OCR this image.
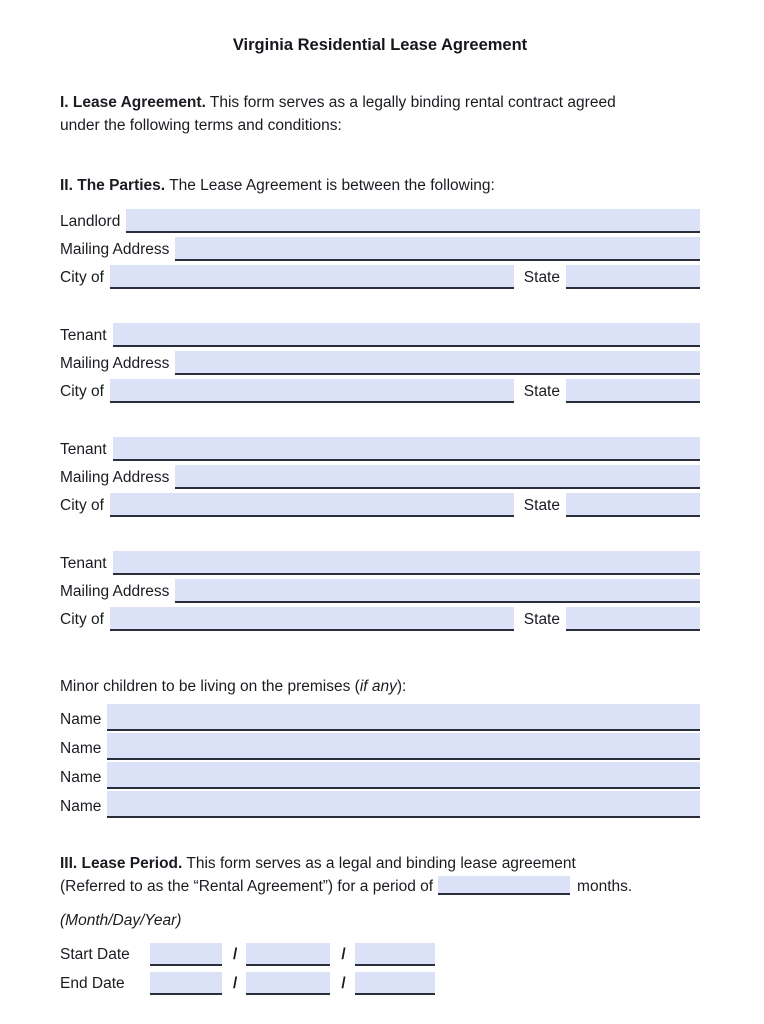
Virginia Residential Lease Agreement

I. Lease Agreement. This form serves as a legally binding rental contract agreed
under the following terms and conditions:

II. The Parties. The Lease Agreement is between the following:

Landlord
Mailing Address
City of	State
Tenant
Mailing Address
City of	State
Tenant
Mailing Address
City of	State
Tenant
Mailing Address
City of	State

Minor children to be living on the premises (if any):

Name
Name
Name
Name

III. Lease Period. This form serves as a legal and binding lease agreement
(Referred to as the “Rental Agreement”) for a period of	months.

(Month/Day/Year)

Start Date	/	/
End Date	/	/
